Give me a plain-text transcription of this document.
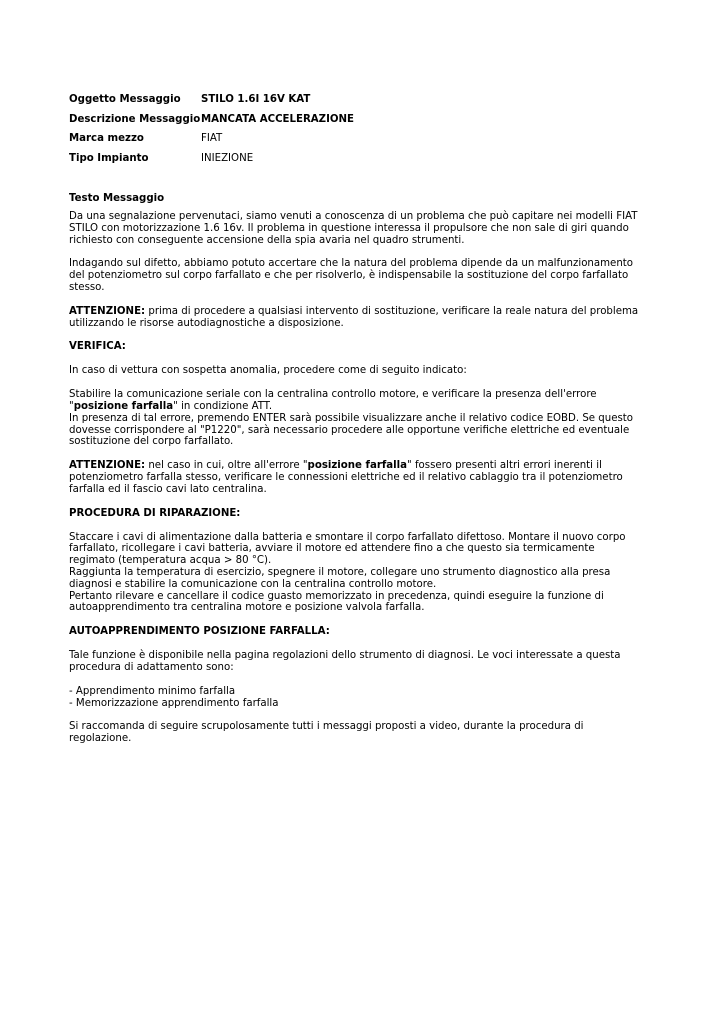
Oggetto Messaggio	STILO 1.6I 16V KAT
Descrizione Messaggio	MANCATA ACCELERAZIONE
Marca mezzo	FIAT
Tipo Impianto	INIEZIONE
Testo Messaggio

Da una segnalazione pervenutaci, siamo venuti a conoscenza di un problema che può capitare nei modelli FIAT STILO con motorizzazione 1.6 16v. Il problema in questione interessa il propulsore che non sale di giri quando richiesto con conseguente accensione della spia avaria nel quadro strumenti.

Indagando sul difetto, abbiamo potuto accertare che la natura del problema dipende da un malfunzionamento del potenziometro sul corpo farfallato e che per risolverlo, è indispensabile la sostituzione del corpo farfallato stesso.

ATTENZIONE: prima di procedere a qualsiasi intervento di sostituzione, verificare la reale natura del problema utilizzando le risorse autodiagnostiche a disposizione.

VERIFICA:

In caso di vettura con sospetta anomalia, procedere come di seguito indicato:

Stabilire la comunicazione seriale con la centralina controllo motore, e verificare la presenza dell'errore "posizione farfalla" in condizione ATT.

In presenza di tal errore, premendo ENTER sarà possibile visualizzare anche il relativo codice EOBD. Se questo dovesse corrispondere al "P1220", sarà necessario procedere alle opportune verifiche elettriche ed eventuale sostituzione del corpo farfallato.

ATTENZIONE: nel caso in cui, oltre all'errore "posizione farfalla" fossero presenti altri errori inerenti il potenziometro farfalla stesso, verificare le connessioni elettriche ed il relativo cablaggio tra il potenziometro farfalla ed il fascio cavi lato centralina.

PROCEDURA DI RIPARAZIONE:

Staccare i cavi di alimentazione dalla batteria e smontare il corpo farfallato difettoso. Montare il nuovo corpo farfallato, ricollegare i cavi batteria, avviare il motore ed attendere fino a che questo sia termicamente regimato (temperatura acqua > 80 °C).

Raggiunta la temperatura di esercizio, spegnere il motore, collegare uno strumento diagnostico alla presa diagnosi e stabilire la comunicazione con la centralina controllo motore.

Pertanto rilevare e cancellare il codice guasto memorizzato in precedenza, quindi eseguire la funzione di autoapprendimento tra centralina motore e posizione valvola farfalla.

AUTOAPPRENDIMENTO POSIZIONE FARFALLA:

Tale funzione è disponibile nella pagina regolazioni dello strumento di diagnosi. Le voci interessate a questa procedura di adattamento sono:

- Apprendimento minimo farfalla

- Memorizzazione apprendimento farfalla

Si raccomanda di seguire scrupolosamente tutti i messaggi proposti a video, durante la procedura di regolazione.
